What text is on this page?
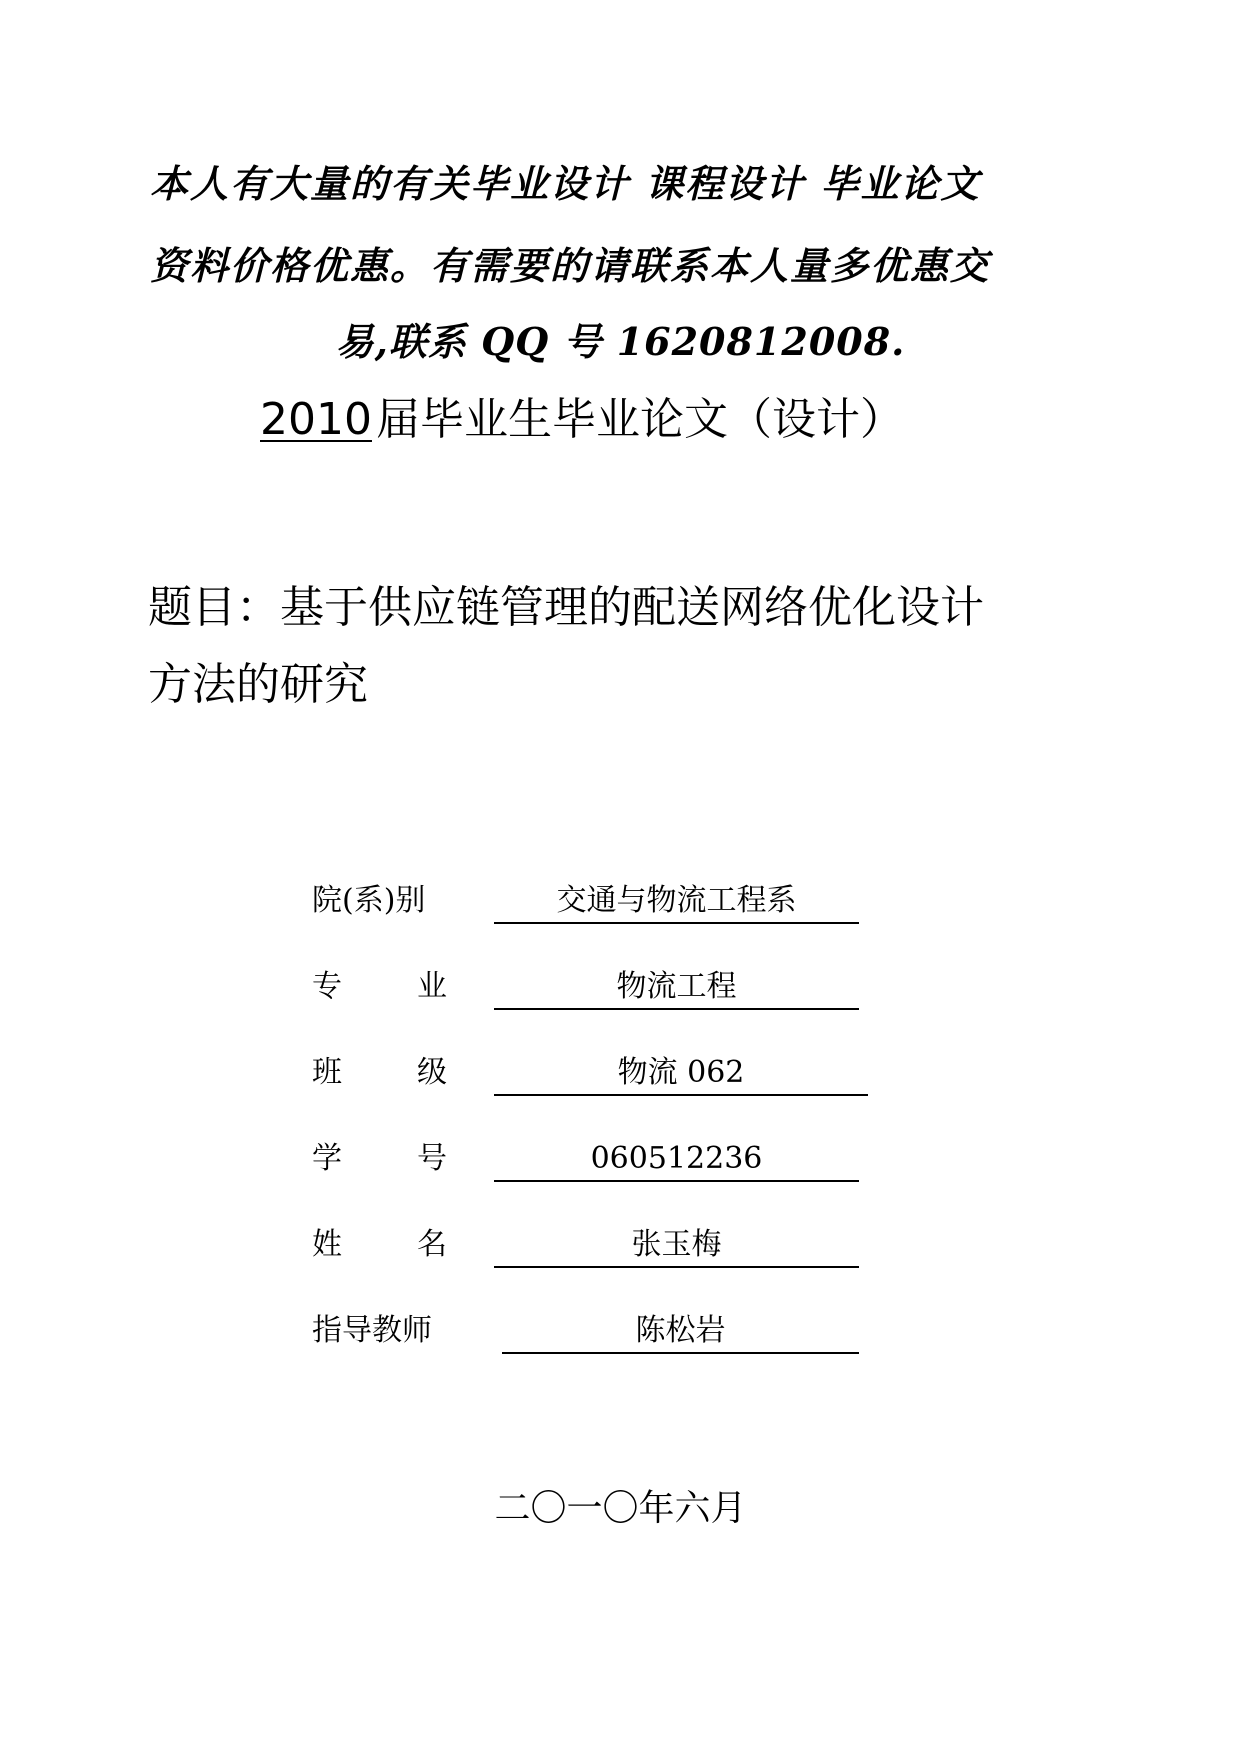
本人有大量的有关毕业设计 课程设计 毕业论文
资料价格优惠。有需要的请联系本人量多优惠交
易,联系 QQ 号 1620812008.
2010届毕业生毕业论文（设计）
题目：基于供应链管理的配送网络优化设计
方法的研究
院(系)别	交通与物流工程系
专	业	物流工程
班	级	物流 062
学	号	060512236
姓	名	张玉梅
指导教师	陈松岩
二〇一〇年六月
